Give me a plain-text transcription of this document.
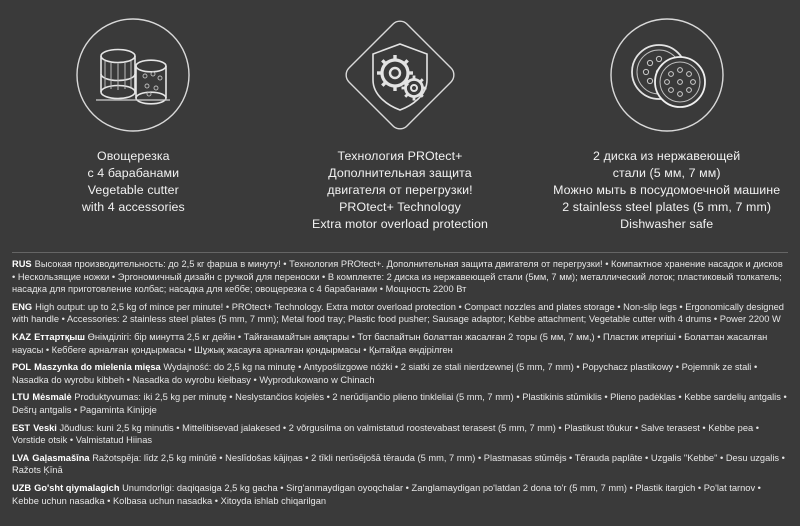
Овощерезка
с 4 барабанами
Vegetable cutter
with 4 accessories
Технология PROtect+
Дополнительная защита
двигателя от перегрузки!
PROtect+ Technology
Extra motor overload protection
2 диска из нержавеющей
стали (5 мм, 7 мм)
Можно мыть в посудомоечной машине
2 stainless steel plates (5 mm, 7 mm)
Dishwasher safe
RUS Высокая производительность: до 2,5 кг фарша в минуту! • Технология PROtect+. Дополнительная защита двигателя от перегрузки! • Компактное хранение насадок и дисков • Нескользящие ножки • Эргономичный дизайн с ручкой для переноски • В комплекте: 2 диска из нержавеющей стали (5мм, 7 мм); металлический лоток; пластиковый толкатель; насадка для приготовление колбас; насадка для кеббе; овощерезка с 4 барабанами • Мощность 2200 Вт
ENG High output: up to 2,5 kg of mince per minute! • PROtect+ Technology. Extra motor overload protection • Compact nozzles and plates storage • Non-slip legs • Ergonomically designed with handle • Accessories: 2 stainless steel plates (5 mm, 7 mm); Metal food tray; Plastic food pusher; Sausage adaptor; Kebbe attachment; Vegetable cutter with 4 drums • Power 2200 W
KAZ Еттартқыш Өнімділігі: бір минутта 2,5 кг дейін • Тайғанамайтын аяқтары • Тот баспайтын болаттан жасалған 2 торы (5 мм, 7 мм,) • Пластик итергіші • Болаттан жасалған науасы • Кеббеге арналған қондырмасы • Шұжық жасауға арналған қондырмасы • Қытайда өндірілген
POL Maszynka do mielenia mięsa Wydajność: do 2,5 kg na minutę • Antypoślizgowe nóżki • 2 siatki ze stali nierdzewnej (5 mm, 7 mm) • Popychacz plastikowy • Pojemnik ze stali • Nasadka do wyrobu kibbeh • Nasadka do wyrobu kiełbasy • Wyprodukowano w Chinach
LTU Mėsmalė Produktyvumas: iki 2,5 kg per minutę • Neslystančios kojelės • 2 nerūdijančio plieno tinkleliai (5 mm, 7 mm) • Plastikinis stūmiklis • Plieno padėklas • Kebbe sardelių antgalis • Dešrų antgalis • Pagaminta Kinijoje
EST Veski Jõudlus: kuni 2,5 kg minutis • Mittelibisevad jalakesed • 2 võrgusilma on valmistatud roostevabast terasest (5 mm, 7 mm) • Plastikust tõukur • Salve terasest • Kebbe pea • Vorstide otsik • Valmistatud Hiinas
LVA Gaļasmašīna Ražotspēja: līdz 2,5 kg minūtē • Neslīdošas kājiņas • 2 tīkli nerūsējošā tērauda (5 mm, 7 mm) • Plastmasas stūmējs • Tērauda paplāte • Uzgalis "Kebbe" • Desu uzgalis • Ražots Ķīnā
UZB Go'sht qiymalagich Unumdorligi: daqiqasiga 2,5 kg gacha • Sirg'anmaydigan oyoqchalar • Zanglamaydigan po'latdan 2 dona to'r (5 mm, 7 mm) • Plastik itargich • Po'lat tarnov • Kebbe uchun nasadka • Kolbasa uchun nasadka • Xitoyda ishlab chiqarilgan
